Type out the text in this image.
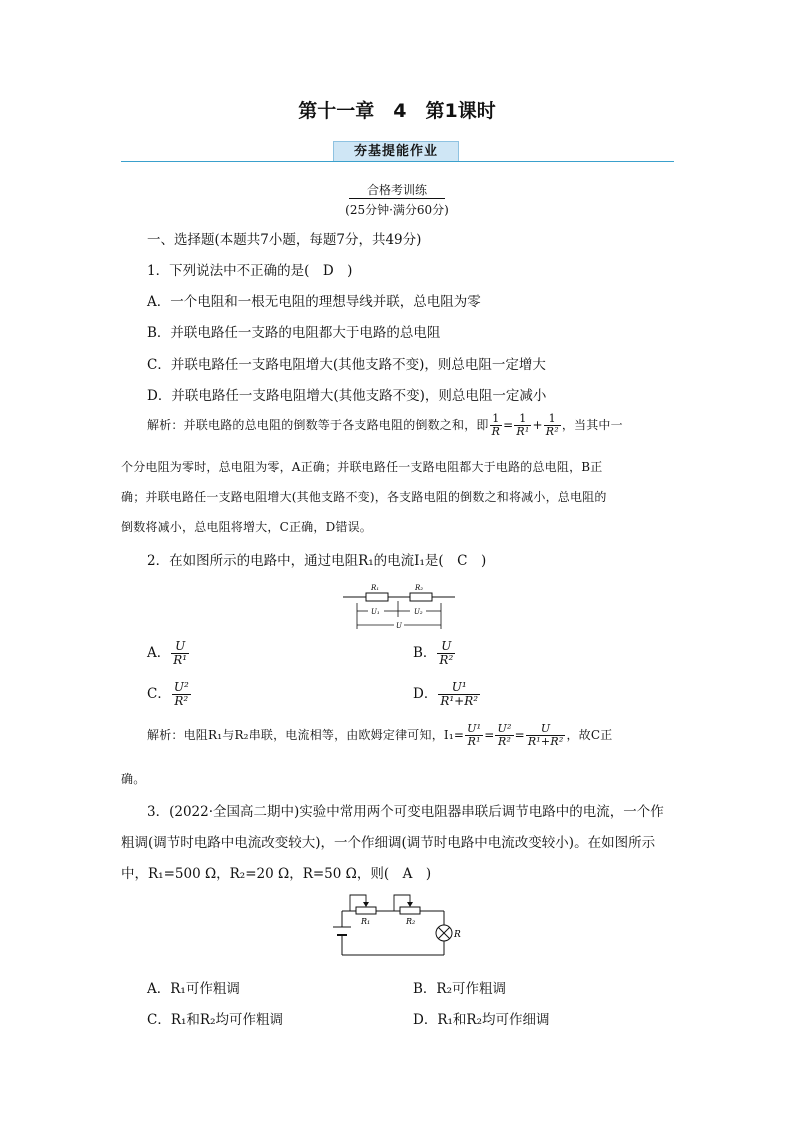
第十一章　4　第1课时
夯基提能作业
合格考训练
(25分钟·满分60分)
一、选择题(本题共7小题，每题7分，共49分)
1．下列说法中不正确的是(　D　)
A．一个电阻和一根无电阻的理想导线并联，总电阻为零
B．并联电路任一支路的电阻都大于电路的总电阻
C．并联电路任一支路电阻增大(其他支路不变)，则总电阻一定增大
D．并联电路任一支路电阻增大(其他支路不变)，则总电阻一定减小
解析：并联电路的总电阻的倒数等于各支路电阻的倒数之和，即 $\frac{1}{R} = \frac{1}{\text{R¹}} + \frac{1}{\text{R²}}$ ，当其中一
个分电阻为零时，总电阻为零，A正确；并联电路任一支路电阻都大于电路的总电阻，B正
确；并联电路任一支路电阻增大(其他支路不变)，各支路电阻的倒数之和将减小，总电阻的
倒数将减小，总电阻将增大，C正确，D错误。
2．在如图所示的电路中，通过电阻R₁的电流I₁是(　C　)
R₁	R₂
U₁	U₂
U
A． $\frac{U}{\text{R¹}}$	B． $\frac{U}{\text{R²}}$
C． $\frac{\text{U²}}{\text{R²}}$	D． $\frac{\text{U¹}}{\text{R¹+R²}}$
解析：电阻R₁与R₂串联，电流相等，由欧姆定律可知，$I_1= \frac{\text{U¹}}{\text{R¹}} = \frac{\text{U²}}{\text{R²}} = \frac{U}{\text{R¹+R²}}$ ，故C正
确。
3．(2022·全国高二期中)实验中常用两个可变电阻器串联后调节电路中的电流，一个作
粗调(调节时电路中电流改变较大)，一个作细调(调节时电路中电流改变较小)。在如图所示
中，R₁=500 Ω，R₂=20 Ω，R=50 Ω，则(　A　)
R₁	R₂
R
A．R₁可作粗调	B．R₂可作粗调
C．R₁和R₂均可作粗调	D．R₁和R₂均可作细调
